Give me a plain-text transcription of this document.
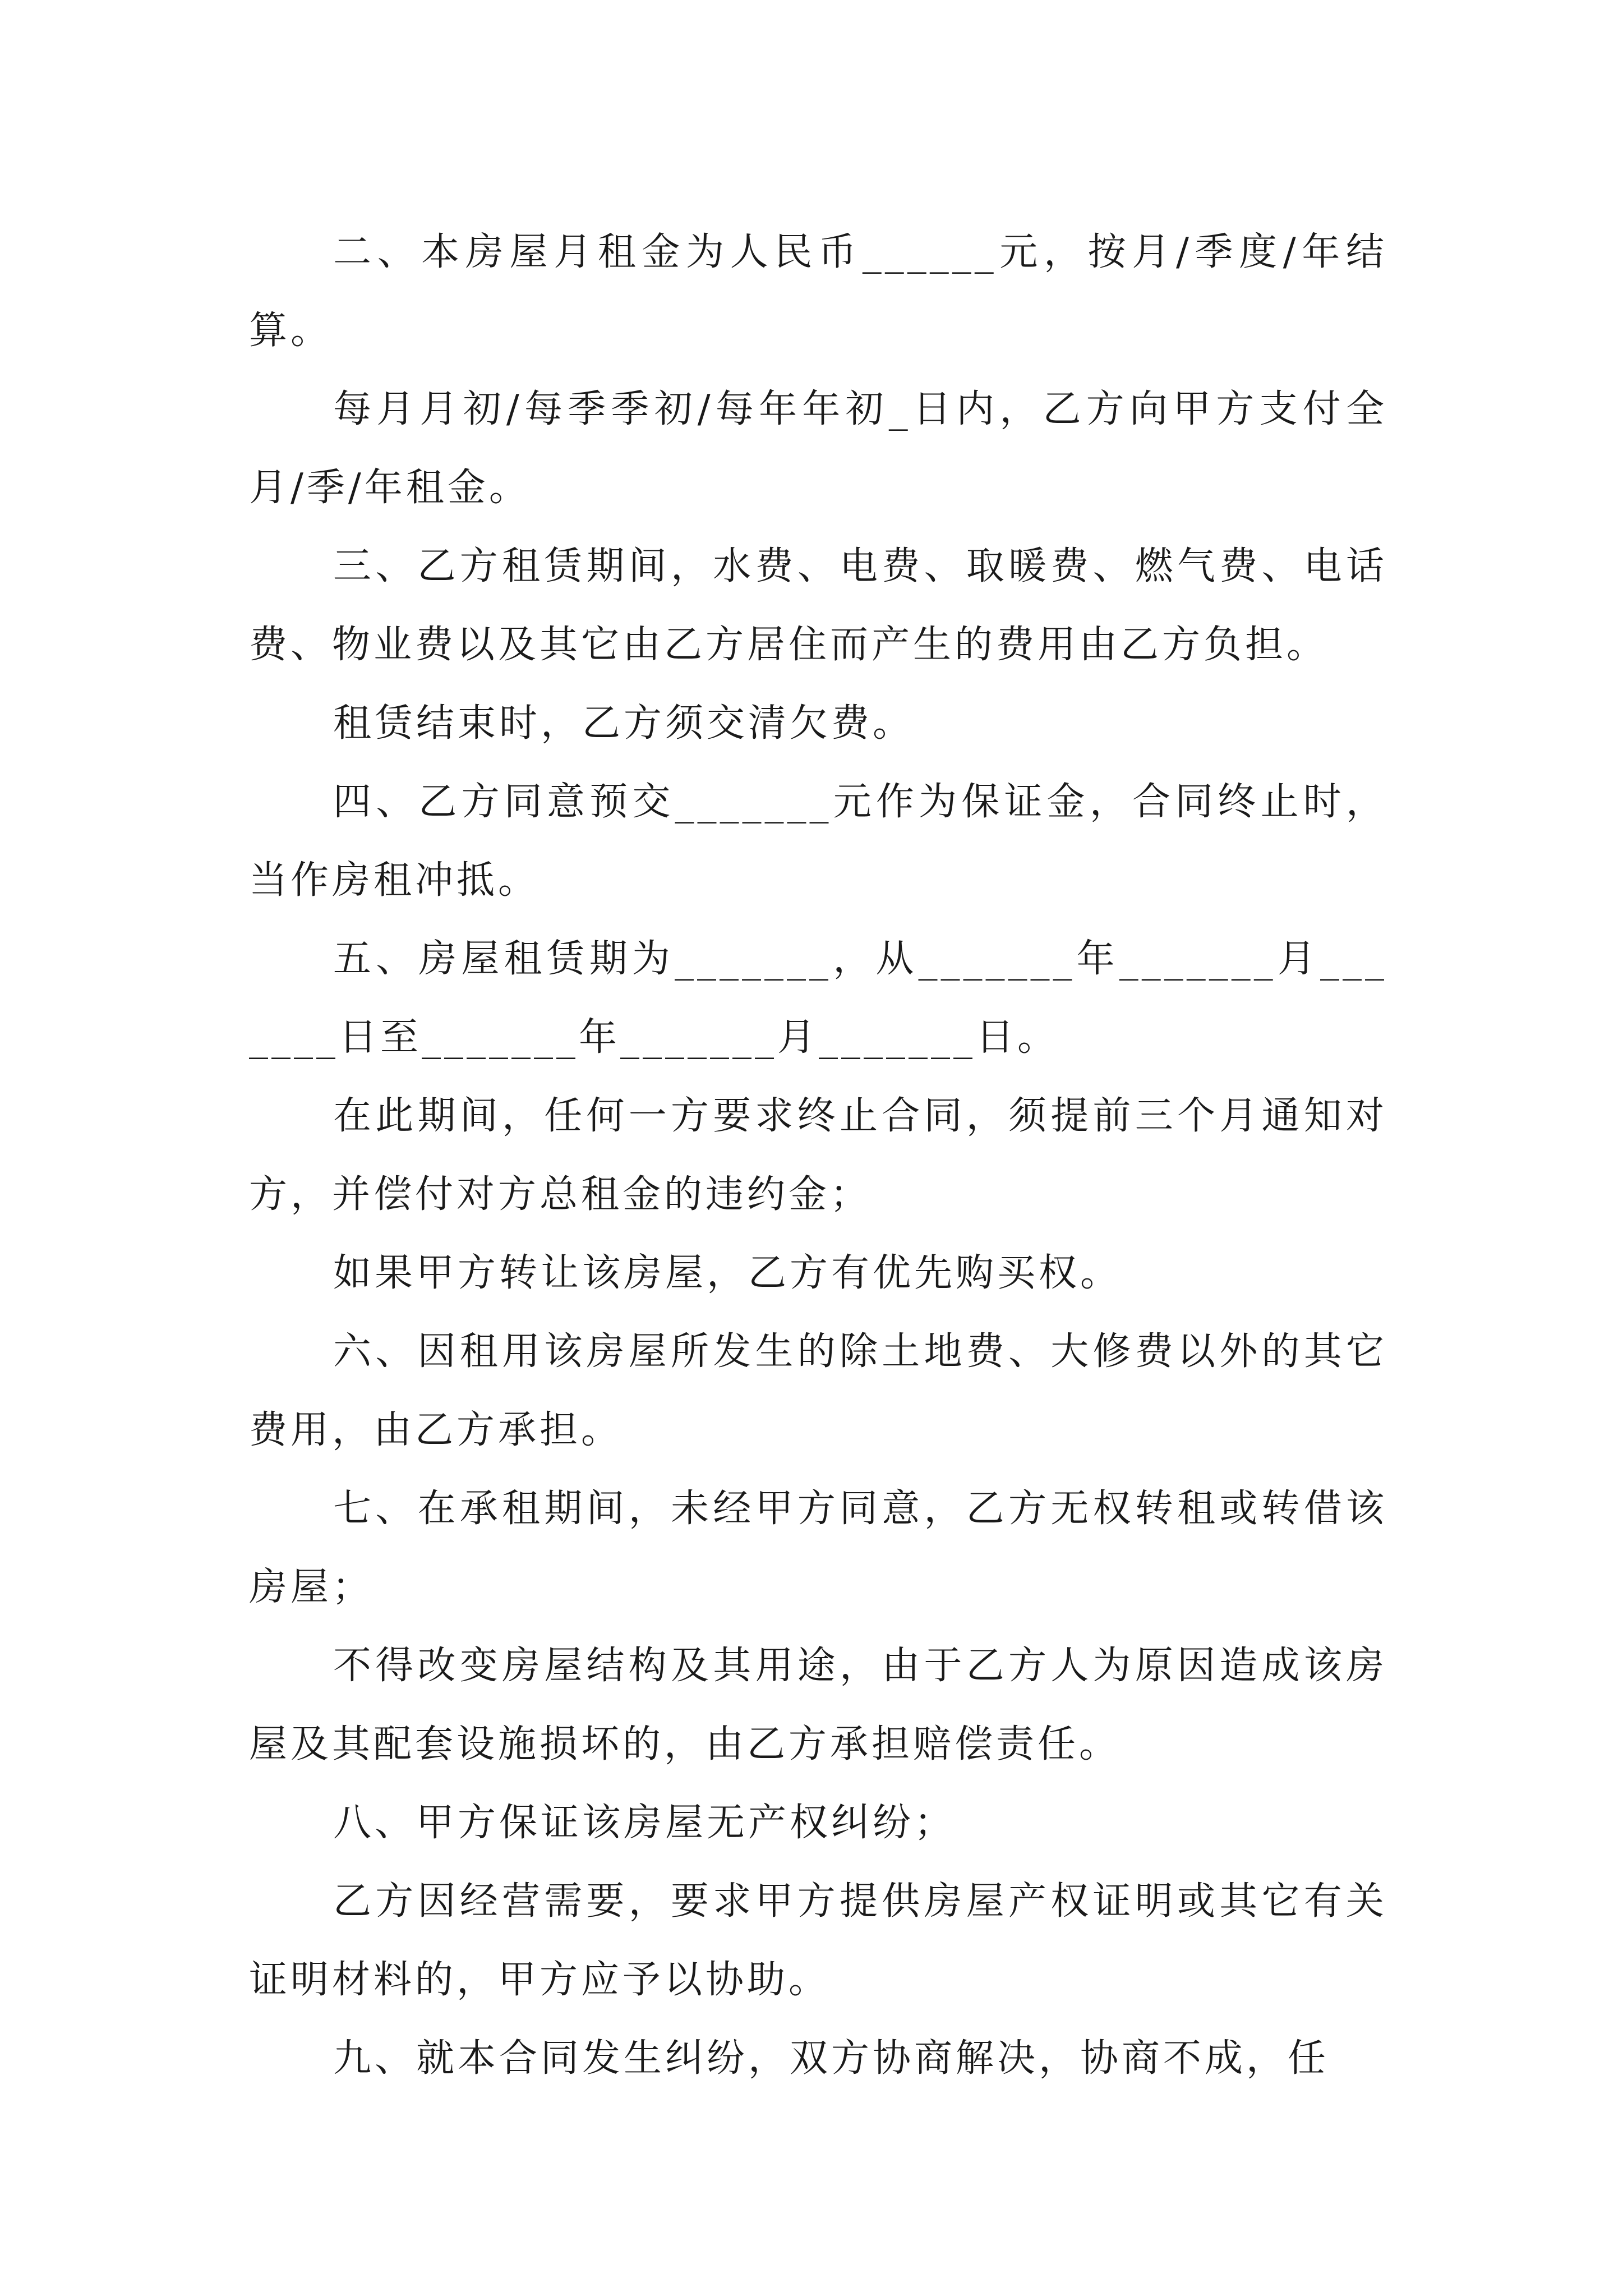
二、本房屋月租金为人民币______元，按月/季度/年结算。

每月月初/每季季初/每年年初_日内，乙方向甲方支付全月/季/年租金。

三、乙方租赁期间，水费、电费、取暖费、燃气费、电话费、物业费以及其它由乙方居住而产生的费用由乙方负担。

租赁结束时，乙方须交清欠费。

四、乙方同意预交_______元作为保证金，合同终止时，当作房租冲抵。

五、房屋租赁期为_______，从_______年_______月_______日至_______年_______月_______日。

在此期间，任何一方要求终止合同，须提前三个月通知对方，并偿付对方总租金的违约金；

如果甲方转让该房屋，乙方有优先购买权。

六、因租用该房屋所发生的除土地费、大修费以外的其它费用，由乙方承担。

七、在承租期间，未经甲方同意，乙方无权转租或转借该房屋；

不得改变房屋结构及其用途，由于乙方人为原因造成该房屋及其配套设施损坏的，由乙方承担赔偿责任。

八、甲方保证该房屋无产权纠纷；

乙方因经营需要，要求甲方提供房屋产权证明或其它有关证明材料的，甲方应予以协助。

九、就本合同发生纠纷，双方协商解决，协商不成，任
